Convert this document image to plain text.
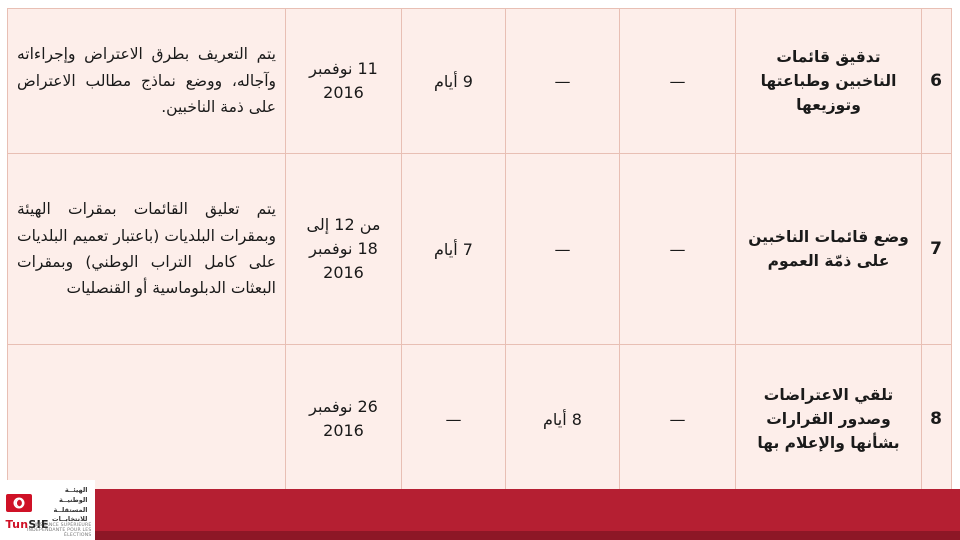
6	تدقيق قائمات الناخبين وطباعتها وتوزيعها	—	—	9 أيام	11 نوفمبر 2016	يتم التعريف بطرق الاعتراض وإجراءاته وآجاله، ووضع نماذج مطالب الاعتراض على ذمة الناخبين.
7	وضع قائمات الناخبين على ذمّة العموم	—	—	7 أيام	من 12 إلى 18 نوفمبر 2016	يتم تعليق القائمات بمقرات الهيئة وبمقرات البلديات (باعتبار تعميم البلديات على كامل التراب الوطني) وبمقرات البعثات الدبلوماسية أو القنصليات
8	تلقي الاعتراضات وصدور القرارات بشأنها والإعلام بها	—	8 أيام	—	26 نوفمبر 2016	
الهيئــة
الوطنيــة
المستقلــة
للانتخابــات
TunSIE
INSTANCE SUPÉRIEURE INDÉPENDANTE POUR LES ÉLECTIONS
